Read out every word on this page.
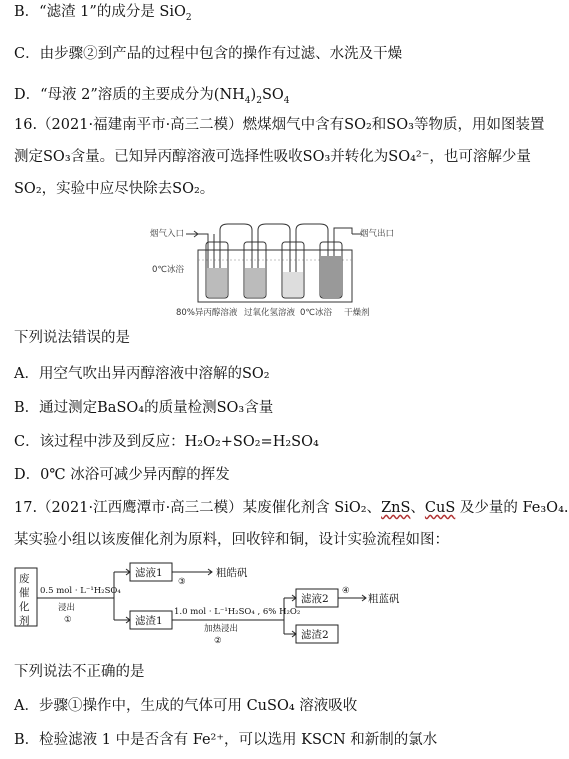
B．“滤渣 1”的成分是 SiO$_2$
C．由步骤②到产品的过程中包含的操作有过滤、水洗及干燥
D．“母液 2”溶质的主要成分为$(NH_4)_2SO_4$
16.（2021·福建南平市·高三二模）燃煤烟气中含有SO₂和SO₃等物质，用如图装置
测定SO₃含量。已知异丙醇溶液可选择性吸收SO₃并转化为SO₄²⁻，也可溶解少量
SO₂，实验中应尽快除去SO₂。
烟气入口	烟气出口
0℃冰浴
80%异丙醇溶液 过氧化氢溶液 0℃冰浴 干燥剂
下列说法错误的是
A．用空气吹出异丙醇溶液中溶解的SO₂
B．通过测定BaSO₄的质量检测SO₃含量
C．该过程中涉及到反应：H₂O₂+SO₂=H₂SO₄
D．0℃ 冰浴可减少异丙醇的挥发
17.（2021·江西鹰潭市·高三二模）某废催化剂含 SiO₂、ZnS、CuS 及少量的 Fe₃O₄.
某实验小组以该废催化剂为原料，回收锌和铜，设计实验流程如图：
废
催
化
剂
0.5 mol · L⁻¹H₂SO₄
浸出
①
滤液1
③
粗皓矾
滤渣1
1.0 mol · L⁻¹H₂SO₄ , 6% H₂O₂
加热浸出
②
滤液2
④
粗蓝矾
滤渣2
下列说法不正确的是
A．步骤①操作中，生成的气体可用 CuSO₄ 溶液吸收
B．检验滤液 1 中是否含有 Fe²⁺，可以选用 KSCN 和新制的氯水
